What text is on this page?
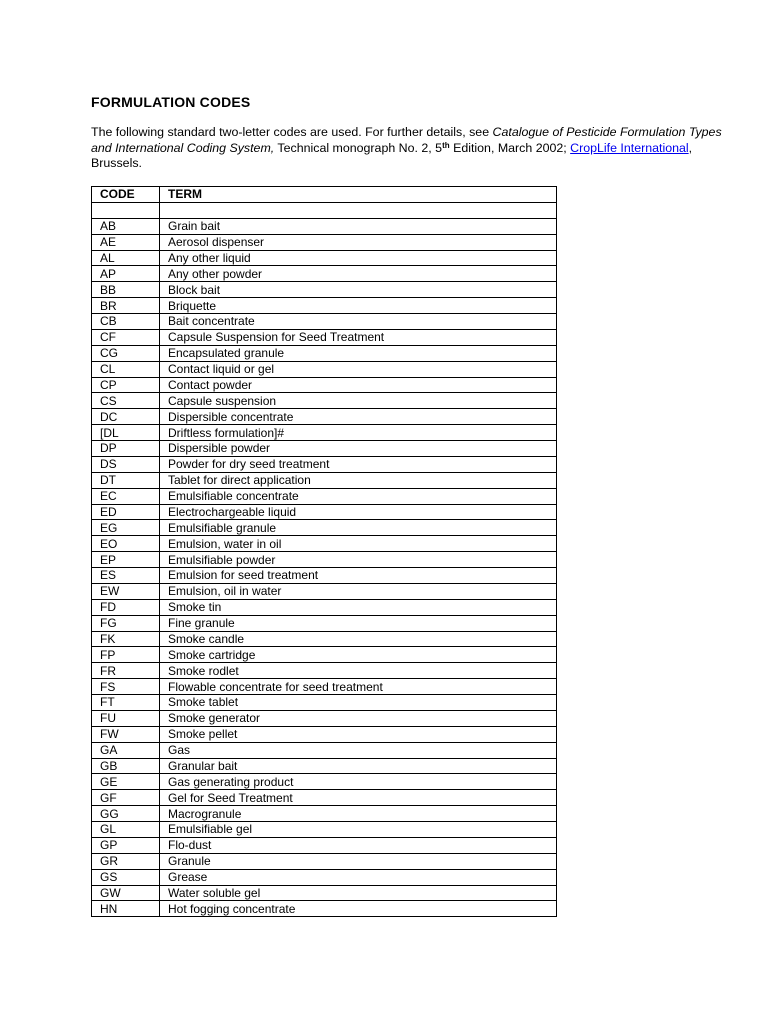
FORMULATION CODES
The following standard two-letter codes are used. For further details, see Catalogue of Pesticide Formulation Types and International Coding System, Technical monograph No. 2, 5th Edition, March 2002; CropLife International, Brussels.
CODE	TERM

AB	Grain bait
AE	Aerosol dispenser
AL	Any other liquid
AP	Any other powder
BB	Block bait
BR	Briquette
CB	Bait concentrate
CF	Capsule Suspension for Seed Treatment
CG	Encapsulated granule
CL	Contact liquid or gel
CP	Contact powder
CS	Capsule suspension
DC	Dispersible concentrate
[DL	Driftless formulation]#
DP	Dispersible powder
DS	Powder for dry seed treatment
DT	Tablet for direct application
EC	Emulsifiable concentrate
ED	Electrochargeable liquid
EG	Emulsifiable granule
EO	Emulsion, water in oil
EP	Emulsifiable powder
ES	Emulsion for seed treatment
EW	Emulsion, oil in water
FD	Smoke tin
FG	Fine granule
FK	Smoke candle
FP	Smoke cartridge
FR	Smoke rodlet
FS	Flowable concentrate for seed treatment
FT	Smoke tablet
FU	Smoke generator
FW	Smoke pellet
GA	Gas
GB	Granular bait
GE	Gas generating product
GF	Gel for Seed Treatment
GG	Macrogranule
GL	Emulsifiable gel
GP	Flo-dust
GR	Granule
GS	Grease
GW	Water soluble gel
HN	Hot fogging concentrate
